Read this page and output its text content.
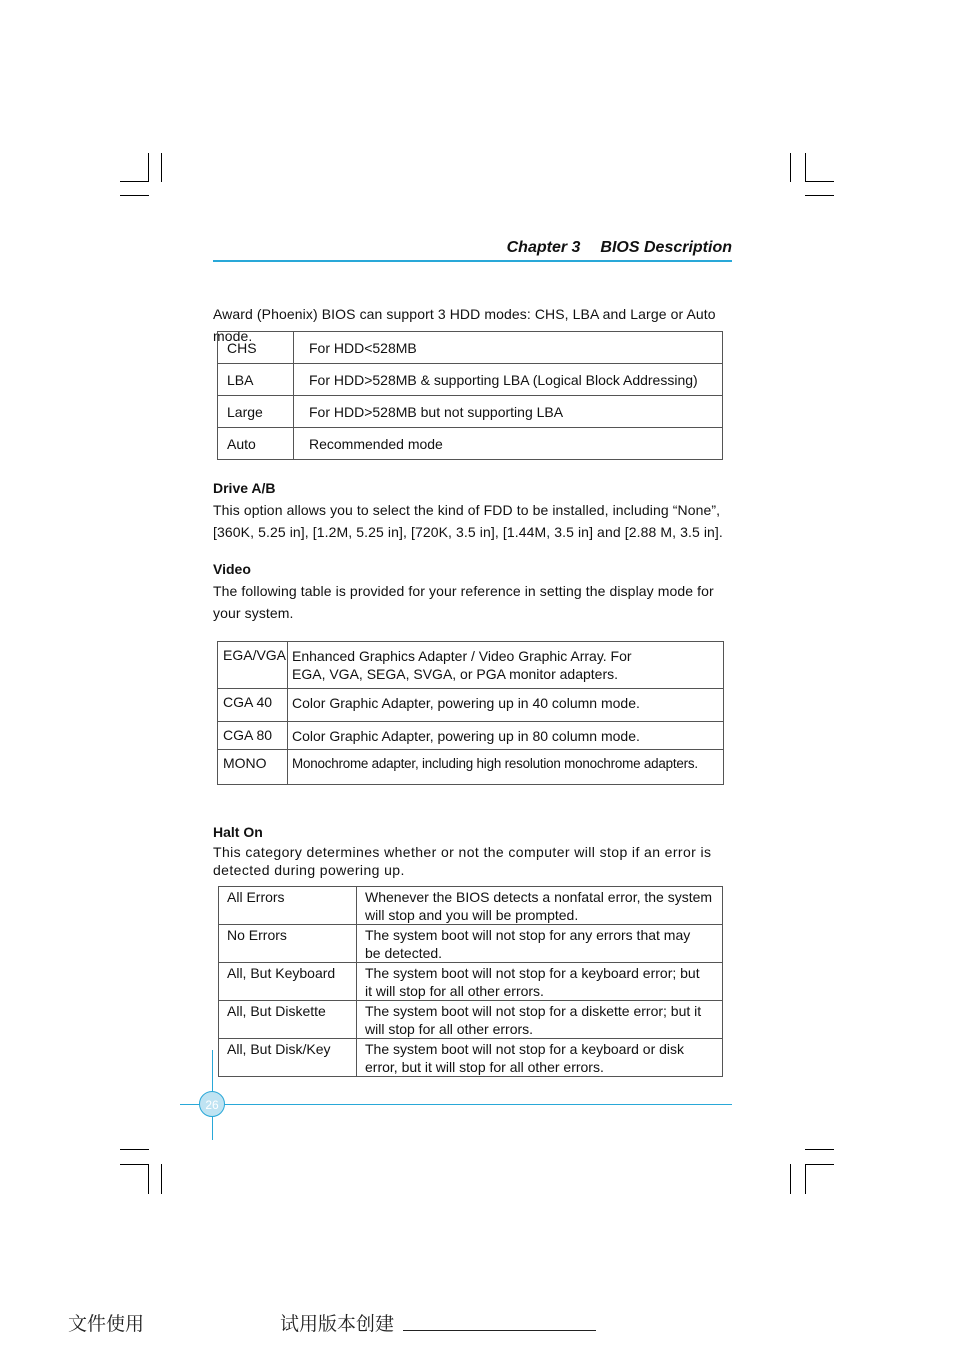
Chapter 3 BIOS Description
Award (Phoenix) BIOS can support 3 HDD modes: CHS, LBA and Large or Auto mode.
CHS	For HDD<528MB
LBA	For HDD>528MB & supporting LBA (Logical Block Addressing)
Large	For HDD>528MB but not supporting LBA
Auto	Recommended mode
Drive A/B
This option allows you to select the kind of FDD to be installed, including “None”, [360K, 5.25 in], [1.2M, 5.25 in], [720K, 3.5 in], [1.44M, 3.5 in] and [2.88 M, 3.5 in].
Video
The following table is provided for your reference in setting the display mode for your system.
EGA/VGA	Enhanced Graphics Adapter / Video Graphic Array. For
EGA, VGA, SEGA, SVGA, or PGA monitor adapters.

CGA 40	Color Graphic Adapter, powering up in 40 column mode.
CGA 80	Color Graphic Adapter, powering up in 80 column mode.
MONO	Monochrome adapter, including high resolution monochrome adapters.
Halt On
This category determines whether or not the computer will stop if an error is detected during powering up.
All Errors	Whenever the BIOS detects a nonfatal error, the system
will stop and you will be prompted.

No Errors	The system boot will not stop for any errors that may
be detected.

All, But Keyboard	The system boot will not stop for a keyboard error; but
it will stop for all other errors.

All, But Diskette	The system boot will not stop for a diskette error; but it
will stop for all other errors.

All, But Disk/Key	The system boot will not stop for a keyboard or disk
error, but it will stop for all other errors.
26
文件使用	试用版本创建
